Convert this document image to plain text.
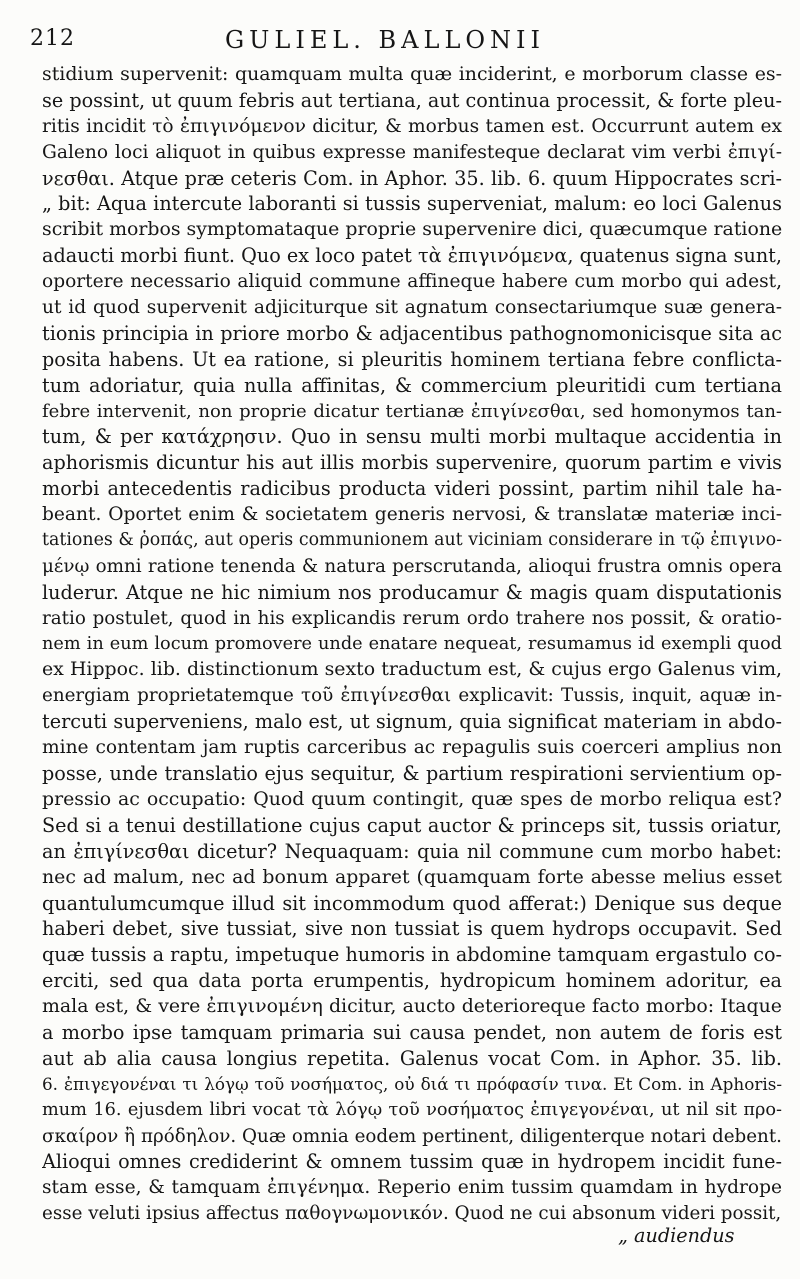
212	GULIEL. BALLONII
stidium supervenit: quamquam multa quæ inciderint, e morborum classe es-
se possint, ut quum febris aut tertiana, aut continua processit, & forte pleu-
ritis incidit τὸ ἐπιγινόμενον dicitur, & morbus tamen est. Occurrunt autem ex
Galeno loci aliquot in quibus expresse manifesteque declarat vim verbi ἐπιγί-
νεσθαι. Atque præ ceteris Com. in Aphor. 35. lib. 6. quum Hippocrates scri-
„ bit: Aqua intercute laboranti si tussis superveniat, malum: eo loci Galenus
scribit morbos symptomataque proprie supervenire dici, quæcumque ratione
adaucti morbi fiunt. Quo ex loco patet τὰ ἐπιγινόμενα, quatenus signa sunt,
oportere necessario aliquid commune affineque habere cum morbo qui adest,
ut id quod supervenit adjiciturque sit agnatum consectariumque suæ genera-
tionis principia in priore morbo & adjacentibus pathognomonicisque sita ac
posita habens. Ut ea ratione, si pleuritis hominem tertiana febre conflicta-
tum adoriatur, quia nulla affinitas, & commercium pleuritidi cum tertiana
febre intervenit, non proprie dicatur tertianæ ἐπιγίνεσθαι, sed homonymos tan-
tum, & per κατάχρησιν. Quo in sensu multi morbi multaque accidentia in
aphorismis dicuntur his aut illis morbis supervenire, quorum partim e vivis
morbi antecedentis radicibus producta videri possint, partim nihil tale ha-
beant. Oportet enim & societatem generis nervosi, & translatæ materiæ inci-
tationes & ῥοπάς, aut operis communionem aut viciniam considerare in τῷ ἐπιγινο-
μένῳ omni ratione tenenda & natura perscrutanda, alioqui frustra omnis opera
luderur. Atque ne hic nimium nos producamur & magis quam disputationis
ratio postulet, quod in his explicandis rerum ordo trahere nos possit, & oratio-
nem in eum locum promovere unde enatare nequeat, resumamus id exempli quod
ex Hippoc. lib. distinctionum sexto traductum est, & cujus ergo Galenus vim,
energiam proprietatemque τοῦ ἐπιγίνεσθαι explicavit: Tussis, inquit, aquæ in-
tercuti superveniens, malo est, ut signum, quia significat materiam in abdo-
mine contentam jam ruptis carceribus ac repagulis suis coerceri amplius non
posse, unde translatio ejus sequitur, & partium respirationi servientium op-
pressio ac occupatio: Quod quum contingit, quæ spes de morbo reliqua est?
Sed si a tenui destillatione cujus caput auctor & princeps sit, tussis oriatur,
an ἐπιγίνεσθαι dicetur? Nequaquam: quia nil commune cum morbo habet:
nec ad malum, nec ad bonum apparet (quamquam forte abesse melius esset
quantulumcumque illud sit incommodum quod afferat:) Denique sus deque
haberi debet, sive tussiat, sive non tussiat is quem hydrops occupavit. Sed
quæ tussis a raptu, impetuque humoris in abdomine tamquam ergastulo co-
erciti, sed qua data porta erumpentis, hydropicum hominem adoritur, ea
mala est, & vere ἐπιγινομένη dicitur, aucto deterioreque facto morbo: Itaque
a morbo ipse tamquam primaria sui causa pendet, non autem de foris est
aut ab alia causa longius repetita. Galenus vocat Com. in Aphor. 35. lib.
6. ἐπιγεγονέναι τι λόγῳ τοῦ νοσήματος, οὐ διά τι πρόφασίν τινα. Et Com. in Aphoris-
mum 16. ejusdem libri vocat τὰ λόγῳ τοῦ νοσήματος ἐπιγεγονέναι, ut nil sit προ-
σκαίρον ἢ πρόδηλον. Quæ omnia eodem pertinent, diligenterque notari debent.
Alioqui omnes crediderint & omnem tussim quæ in hydropem incidit fune-
stam esse, & tamquam ἐπιγένημα. Reperio enim tussim quamdam in hydrope
esse veluti ipsius affectus παθογνωμονικόν. Quod ne cui absonum videri possit,
„ audiendus
